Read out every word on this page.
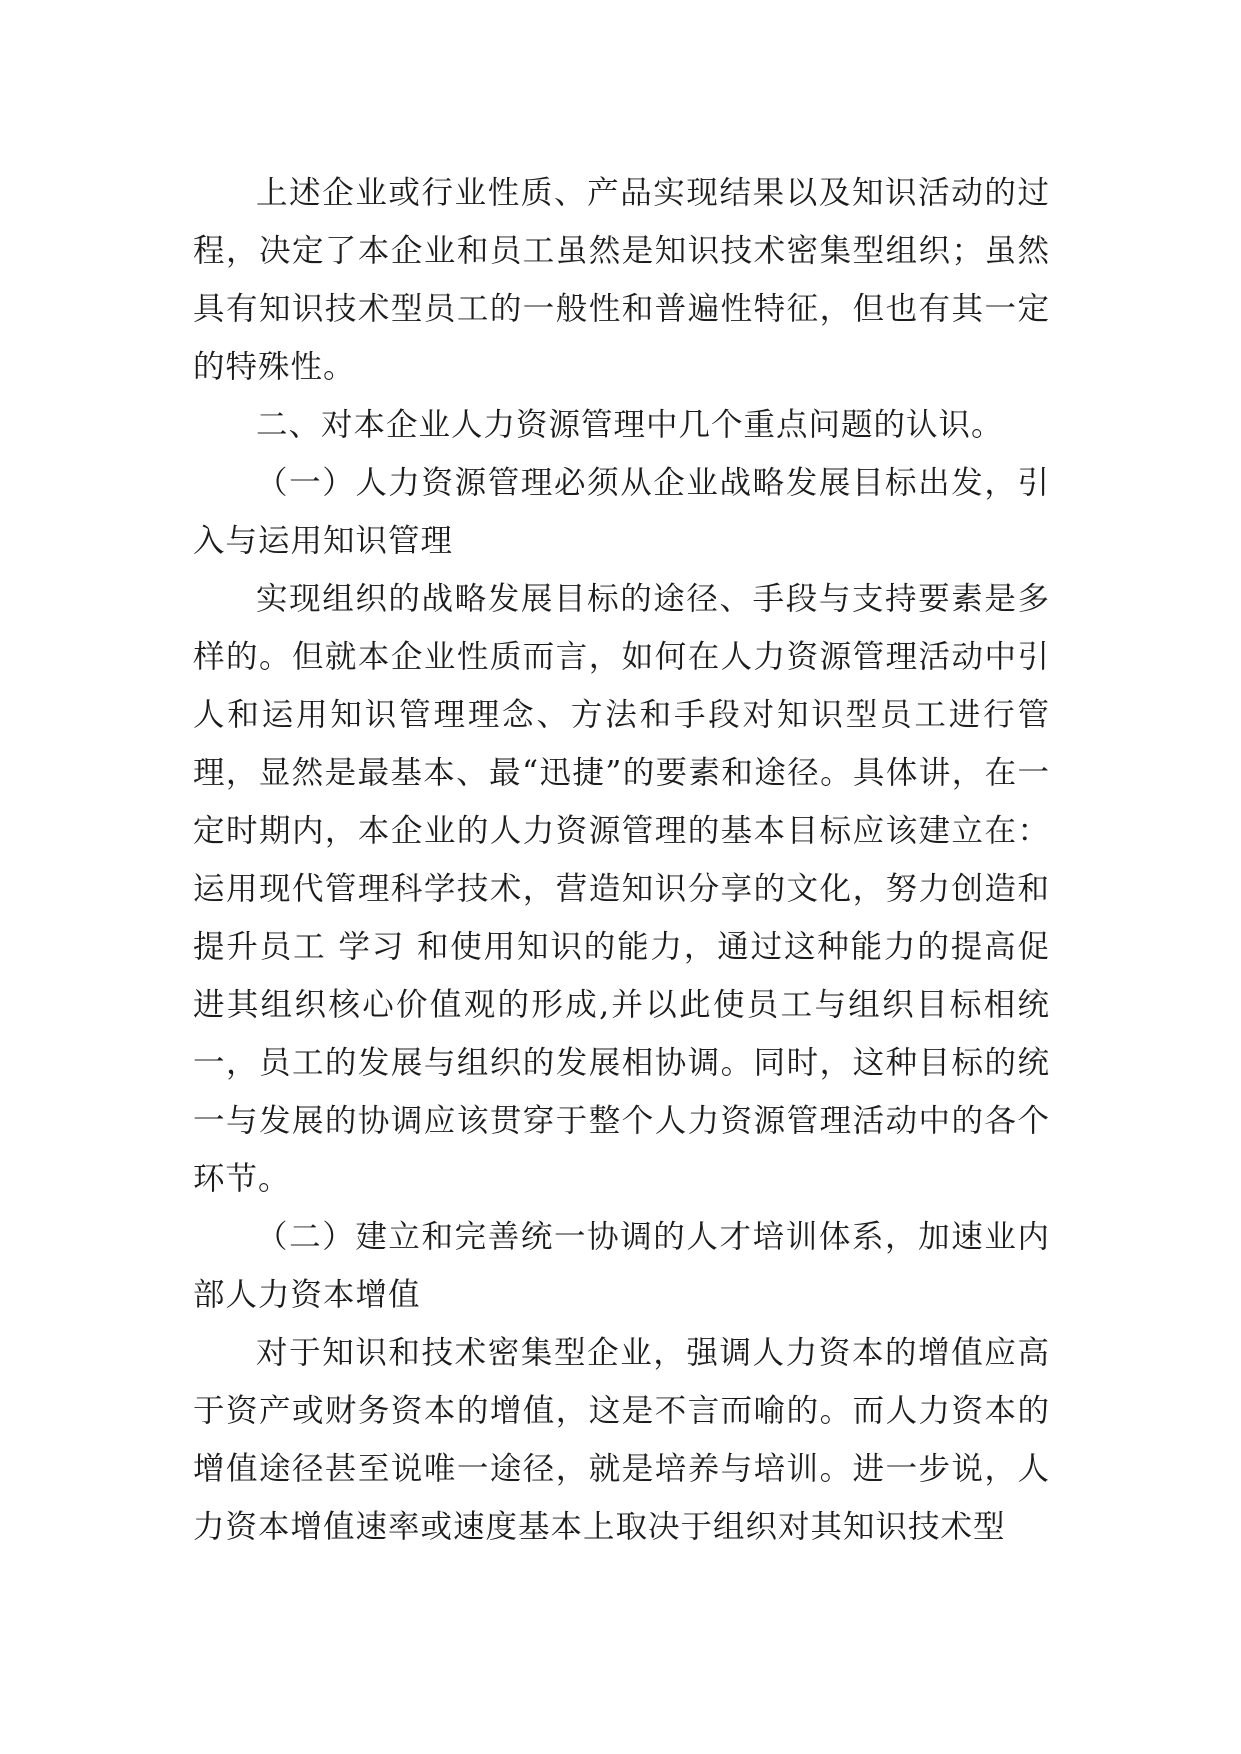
上述企业或行业性质、产品实现结果以及知识活动的过程，决定了本企业和员工虽然是知识技术密集型组织；虽然具有知识技术型员工的一般性和普遍性特征，但也有其一定的特殊性。

二、对本企业人力资源管理中几个重点问题的认识。

（一）人力资源管理必须从企业战略发展目标出发，引入与运用知识管理

实现组织的战略发展目标的途径、手段与支持要素是多样的。但就本企业性质而言，如何在人力资源管理活动中引人和运用知识管理理念、方法和手段对知识型员工进行管理，显然是最基本、最“迅捷”的要素和途径。具体讲，在一定时期内，本企业的人力资源管理的基本目标应该建立在：运用现代管理科学技术，营造知识分享的文化，努力创造和提升员工 学习 和使用知识的能力，通过这种能力的提高促进其组织核心价值观的形成,并以此使员工与组织目标相统一，员工的发展与组织的发展相协调。同时，这种目标的统一与发展的协调应该贯穿于整个人力资源管理活动中的各个环节。

（二）建立和完善统一协调的人才培训体系，加速业内部人力资本增值

对于知识和技术密集型企业，强调人力资本的增值应高于资产或财务资本的增值，这是不言而喻的。而人力资本的增值途径甚至说唯一途径，就是培养与培训。进一步说，人力资本增值速率或速度基本上取决于组织对其知识技术型
